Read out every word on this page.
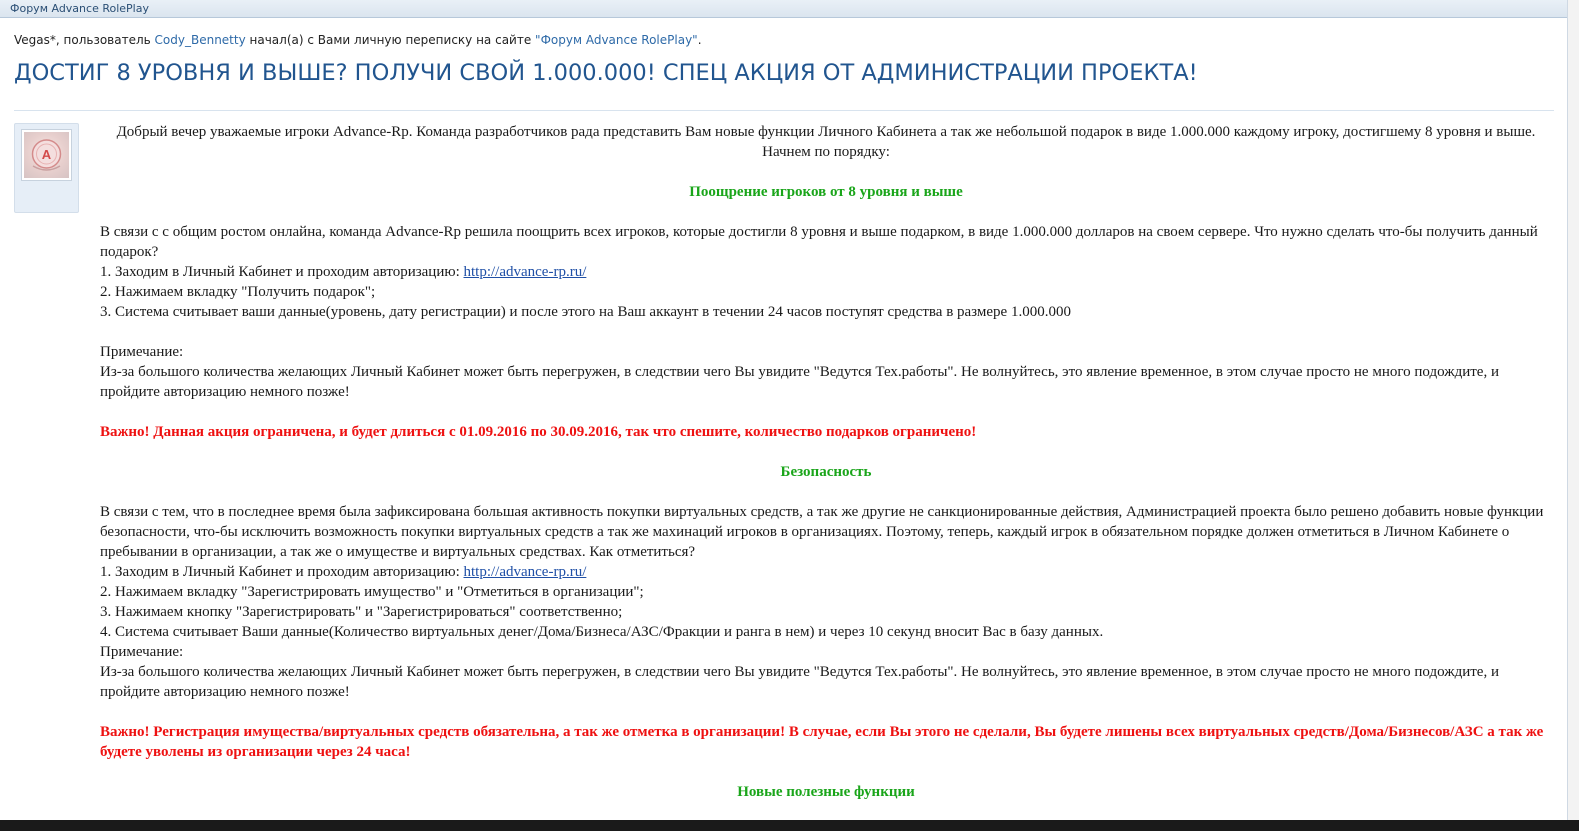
Форум Advance RolePlay
Vegas*, пользователь Cody_Bennetty начал(а) с Вами личную переписку на сайте "Форум Advance RolePlay".
ДОСТИГ 8 УРОВНЯ И ВЫШЕ? ПОЛУЧИ СВОЙ 1.000.000! СПЕЦ АКЦИЯ ОТ АДМИНИСТРАЦИИ ПРОЕКТА!
A

Добрый вечер уважаемые игроки Advance-Rp. Команда разработчиков рада представить Вам новые функции Личного Кабинета а так же небольшой подарок в виде 1.000.000 каждому игроку, достигшему 8 уровня и выше. Начнем по порядку:

Поощрение игроков от 8 уровня и выше

В связи с с общим ростом онлайна, команда Advance-Rp решила поощрить всех игроков, которые достигли 8 уровня и выше подарком, в виде 1.000.000 долларов на своем сервере. Что нужно сделать что-бы получить данный подарок?

1. Заходим в Личный Кабинет и проходим авторизацию: http://advance-rp.ru/

2. Нажимаем вкладку "Получить подарок";

3. Система считывает ваши данные(уровень, дату регистрации) и после этого на Ваш аккаунт в течении 24 часов поступят средства в размере 1.000.000

Примечание:

Из-за большого количества желающих Личный Кабинет может быть перегружен, в следствии чего Вы увидите "Ведутся Тех.работы". Не волнуйтесь, это явление временное, в этом случае просто не много подождите, и пройдите авторизацию немного позже!

Важно! Данная акция ограничена, и будет длиться с 01.09.2016 по 30.09.2016, так что спешите, количество подарков ограничено!

Безопасность

В связи с тем, что в последнее время была зафиксирована большая активность покупки виртуальных средств, а так же другие не санкционированные действия, Администрацией проекта было решено добавить новые функции безопасности, что-бы исключить возможность покупки виртуальных средств а так же махинаций игроков в организациях. Поэтому, теперь, каждый игрок в обязательном порядке должен отметиться в Личном Кабинете о пребывании в организации, а так же о имуществе и виртуальных средствах. Как отметиться?

1. Заходим в Личный Кабинет и проходим авторизацию: http://advance-rp.ru/

2. Нажимаем вкладку "Зарегистрировать имущество" и "Отметиться в организации";

3. Нажимаем кнопку "Зарегистрировать" и "Зарегистрироваться" соответственно;

4. Система считывает Ваши данные(Количество виртуальных денег/Дома/Бизнеса/АЗС/Фракции и ранга в нем) и через 10 секунд вносит Вас в базу данных.

Примечание:

Из-за большого количества желающих Личный Кабинет может быть перегружен, в следствии чего Вы увидите "Ведутся Тех.работы". Не волнуйтесь, это явление временное, в этом случае просто не много подождите, и пройдите авторизацию немного позже!

Важно! Регистрация имущества/виртуальных средств обязательна, а так же отметка в организации! В случае, если Вы этого не сделали, Вы будете лишены всех виртуальных средств/Дома/Бизнесов/АЗС а так же будете уволены из организации через 24 часа!

Новые полезные функции
